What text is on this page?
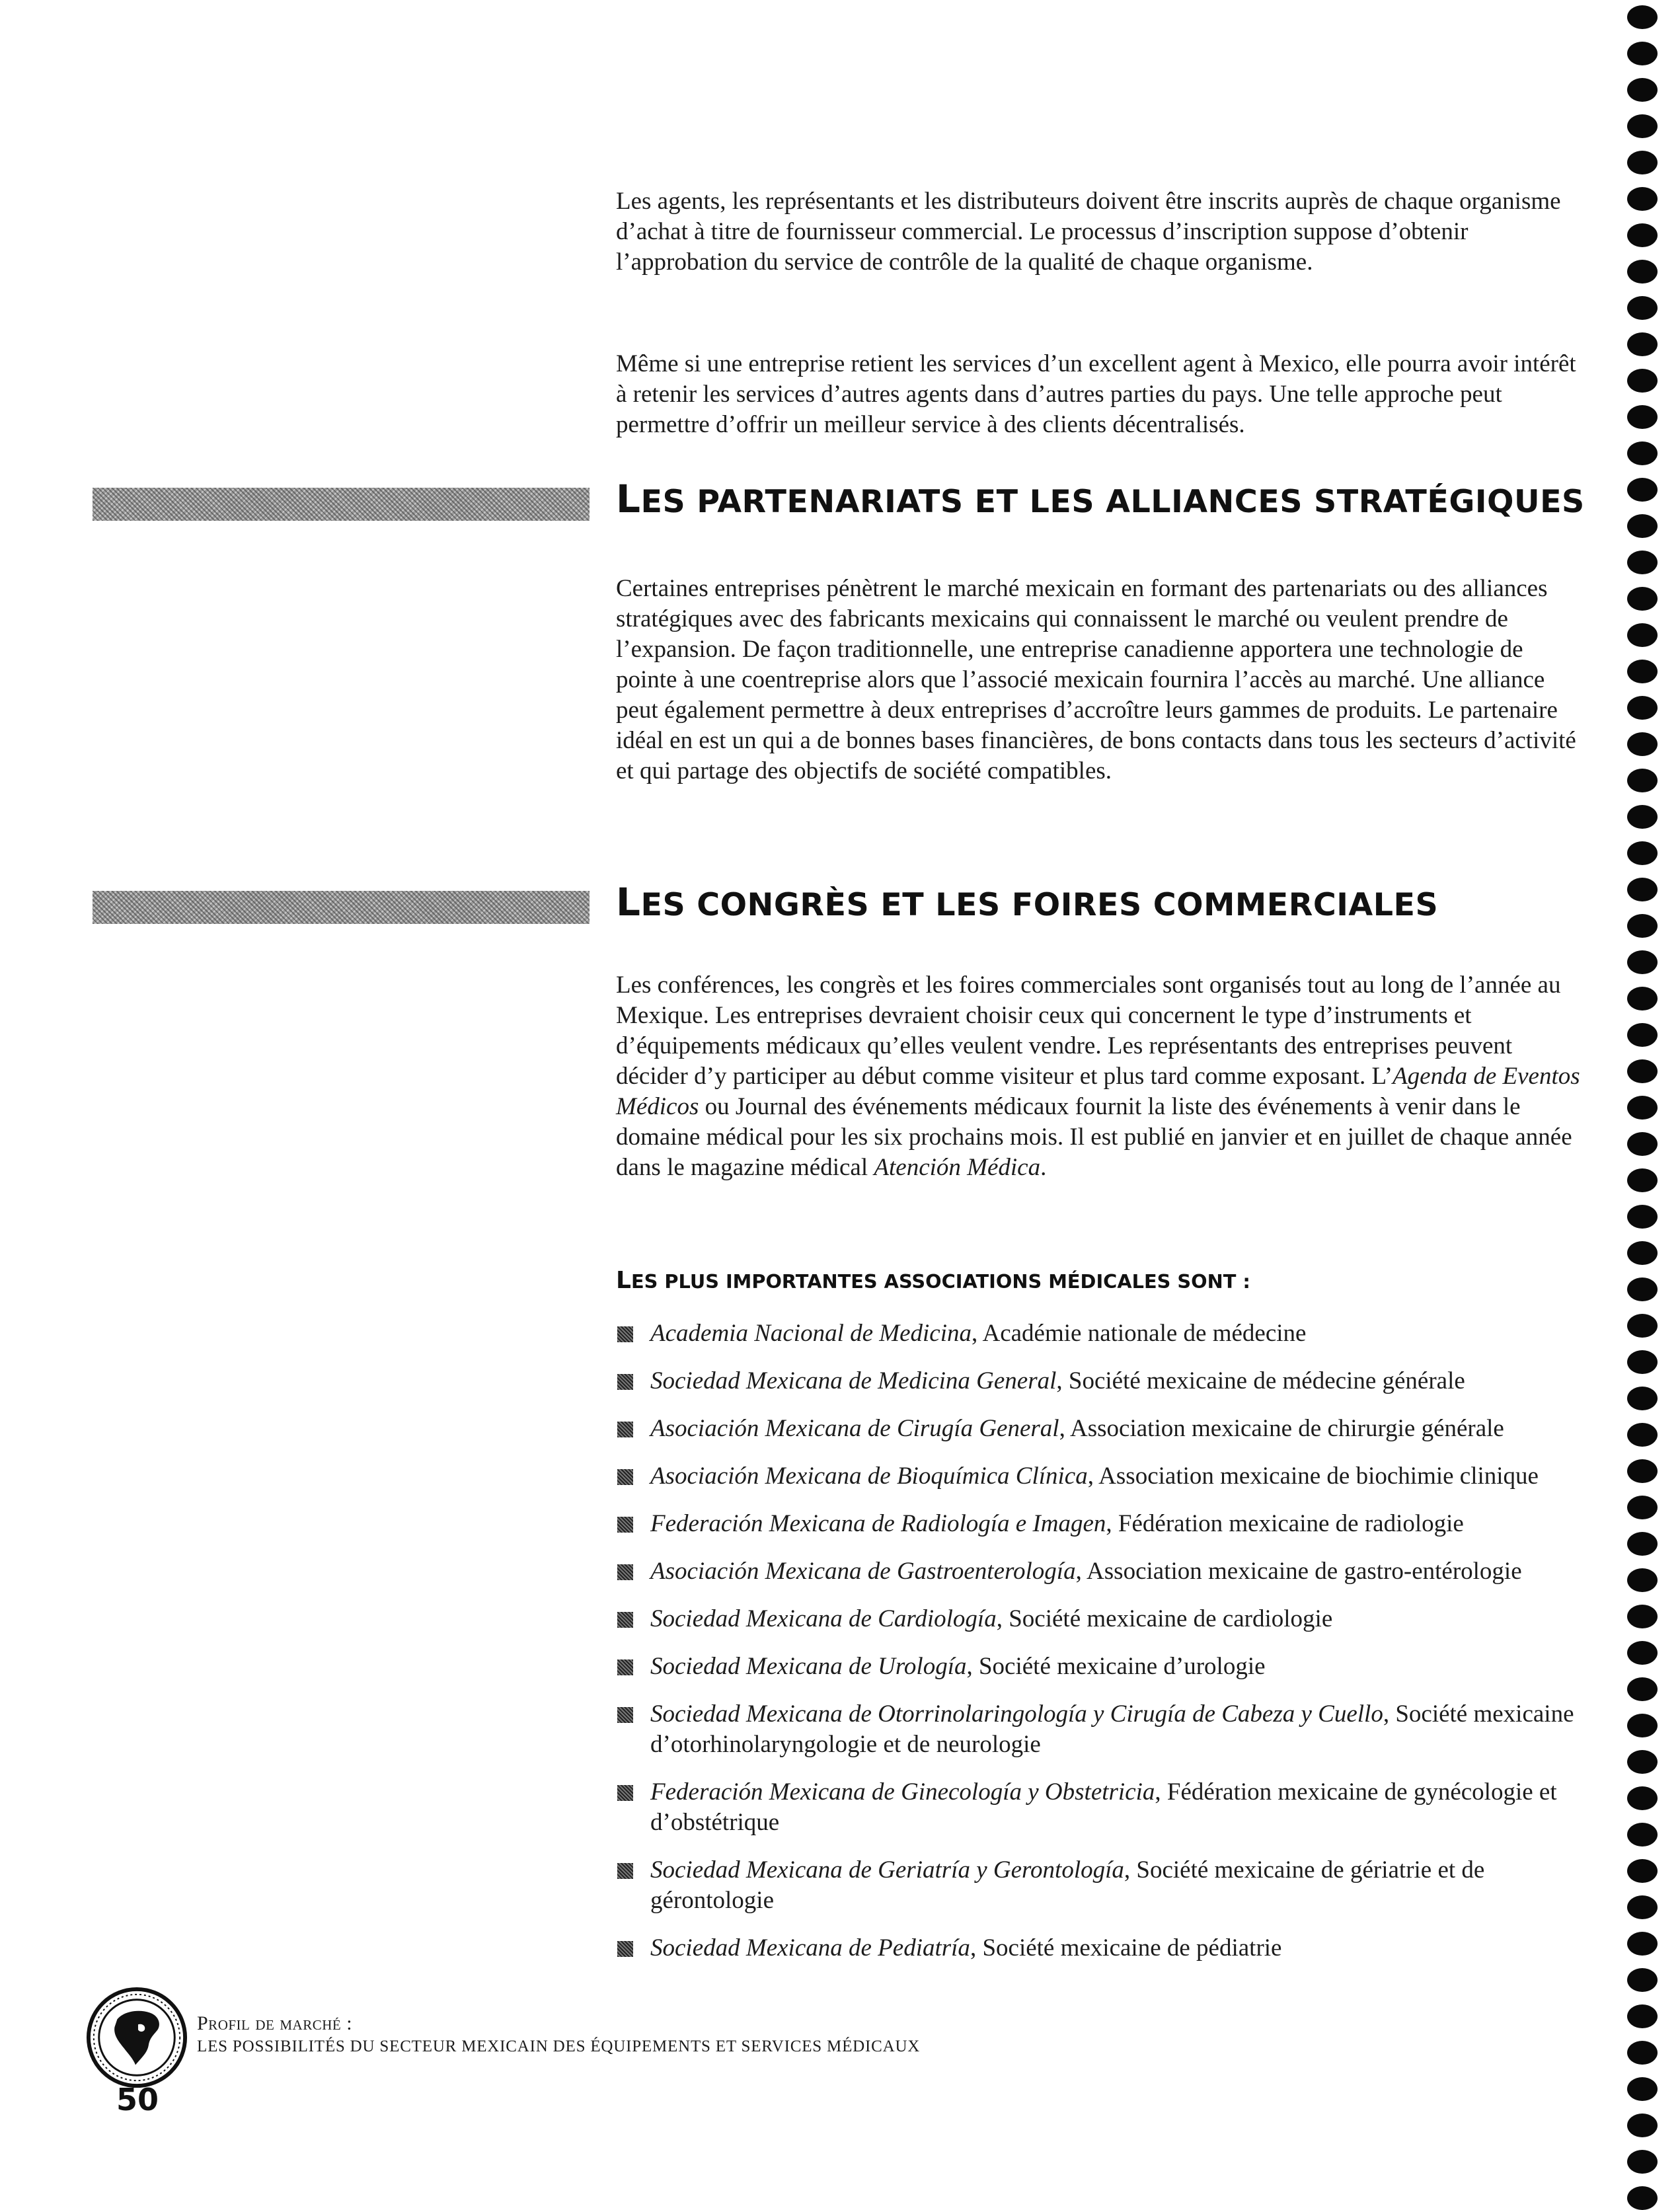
Les agents, les représentants et les distributeurs doivent être inscrits auprès de chaque organisme d’achat à titre de fournisseur commercial. Le processus d’inscription suppose d’obtenir l’approbation du service de contrôle de la qualité de chaque organisme.

Même si une entreprise retient les services d’un excellent agent à Mexico, elle pourra avoir intérêt à retenir les services d’autres agents dans d’autres parties du pays. Une telle approche peut permettre d’offrir un meilleur service à des clients décentralisés.

LES PARTENARIATS ET LES ALLIANCES STRATÉGIQUES

Certaines entreprises pénètrent le marché mexicain en formant des partenariats ou des alliances stratégiques avec des fabricants mexicains qui connaissent le marché ou veulent prendre de l’expansion. De façon traditionnelle, une entreprise canadienne apportera une technologie de pointe à une coentreprise alors que l’associé mexicain fournira l’accès au marché. Une alliance peut également permettre à deux entreprises d’accroître leurs gammes de produits. Le partenaire idéal en est un qui a de bonnes bases financières, de bons contacts dans tous les secteurs d’activité et qui partage des objectifs de société compatibles.

LES CONGRÈS ET LES FOIRES COMMERCIALES

Les conférences, les congrès et les foires commerciales sont organisés tout au long de l’année au Mexique. Les entreprises devraient choisir ceux qui concernent le type d’instruments et d’équipements médicaux qu’elles veulent vendre. Les représentants des entreprises peuvent décider d’y participer au début comme visiteur et plus tard comme exposant. L’Agenda de Eventos Médicos ou Journal des événements médicaux fournit la liste des événements à venir dans le domaine médical pour les six prochains mois. Il est publié en janvier et en juillet de chaque année dans le magazine médical Atención Médica.

LES PLUS IMPORTANTES ASSOCIATIONS MÉDICALES SONT :
Academia Nacional de Medicina, Académie nationale de médecine
Sociedad Mexicana de Medicina General, Société mexicaine de médecine générale
Asociación Mexicana de Cirugía General, Association mexicaine de chirurgie générale
Asociación Mexicana de Bioquímica Clínica, Association mexicaine de biochimie clinique
Federación Mexicana de Radiología e Imagen, Fédération mexicaine de radiologie
Asociación Mexicana de Gastroenterología, Association mexicaine de gastro-entérologie
Sociedad Mexicana de Cardiología, Société mexicaine de cardiologie
Sociedad Mexicana de Urología, Société mexicaine d’urologie
Sociedad Mexicana de Otorrinolaringología y Cirugía de Cabeza y Cuello, Société mexicaine d’otorhinolaryngologie et de neurologie
Federación Mexicana de Ginecología y Obstetricia, Fédération mexicaine de gynécologie et d’obstétrique
Sociedad Mexicana de Geriatría y Gerontología, Société mexicaine de gériatrie et de gérontologie
Sociedad Mexicana de Pediatría, Société mexicaine de pédiatrie

Profil de marché :

LES POSSIBILITÉS DU SECTEUR MEXICAIN DES ÉQUIPEMENTS ET SERVICES MÉDICAUX

50
